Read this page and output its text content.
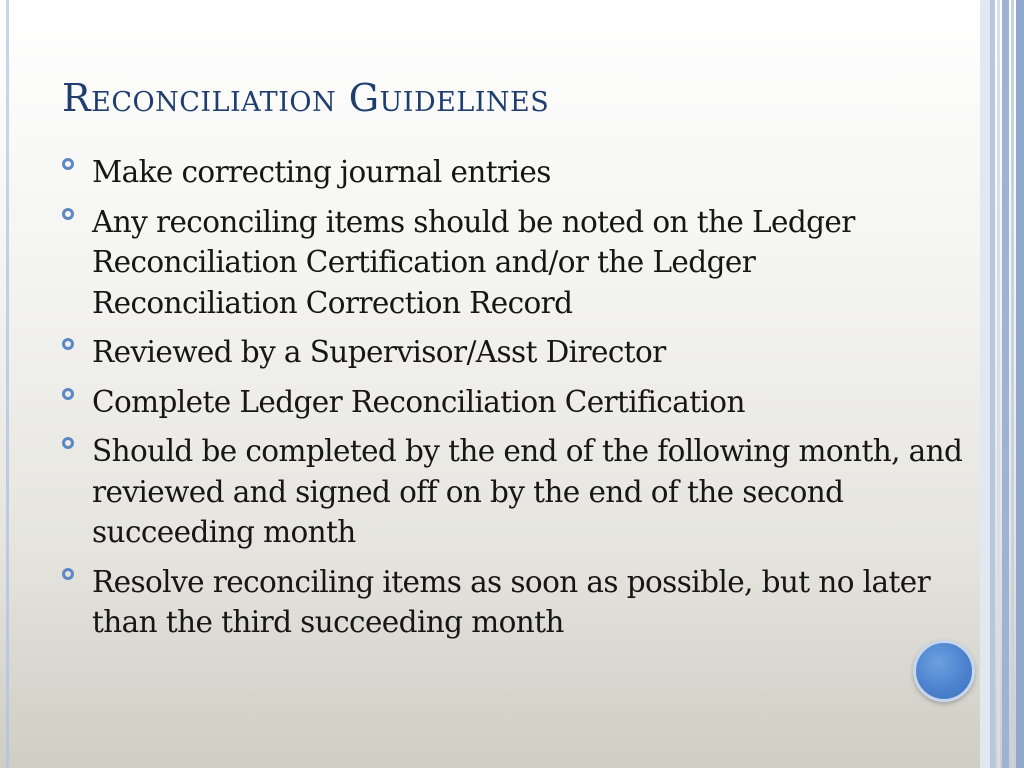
Reconciliation Guidelines
Make correcting journal entries
Any reconciling items should be noted on the Ledger Reconciliation Certification and/or the Ledger Reconciliation Correction Record
Reviewed by a Supervisor/Asst Director
Complete Ledger Reconciliation Certification
Should be completed by the end of the following month, and reviewed and signed off on by the end of the second succeeding month
Resolve reconciling items as soon as possible, but no later than the third succeeding month
